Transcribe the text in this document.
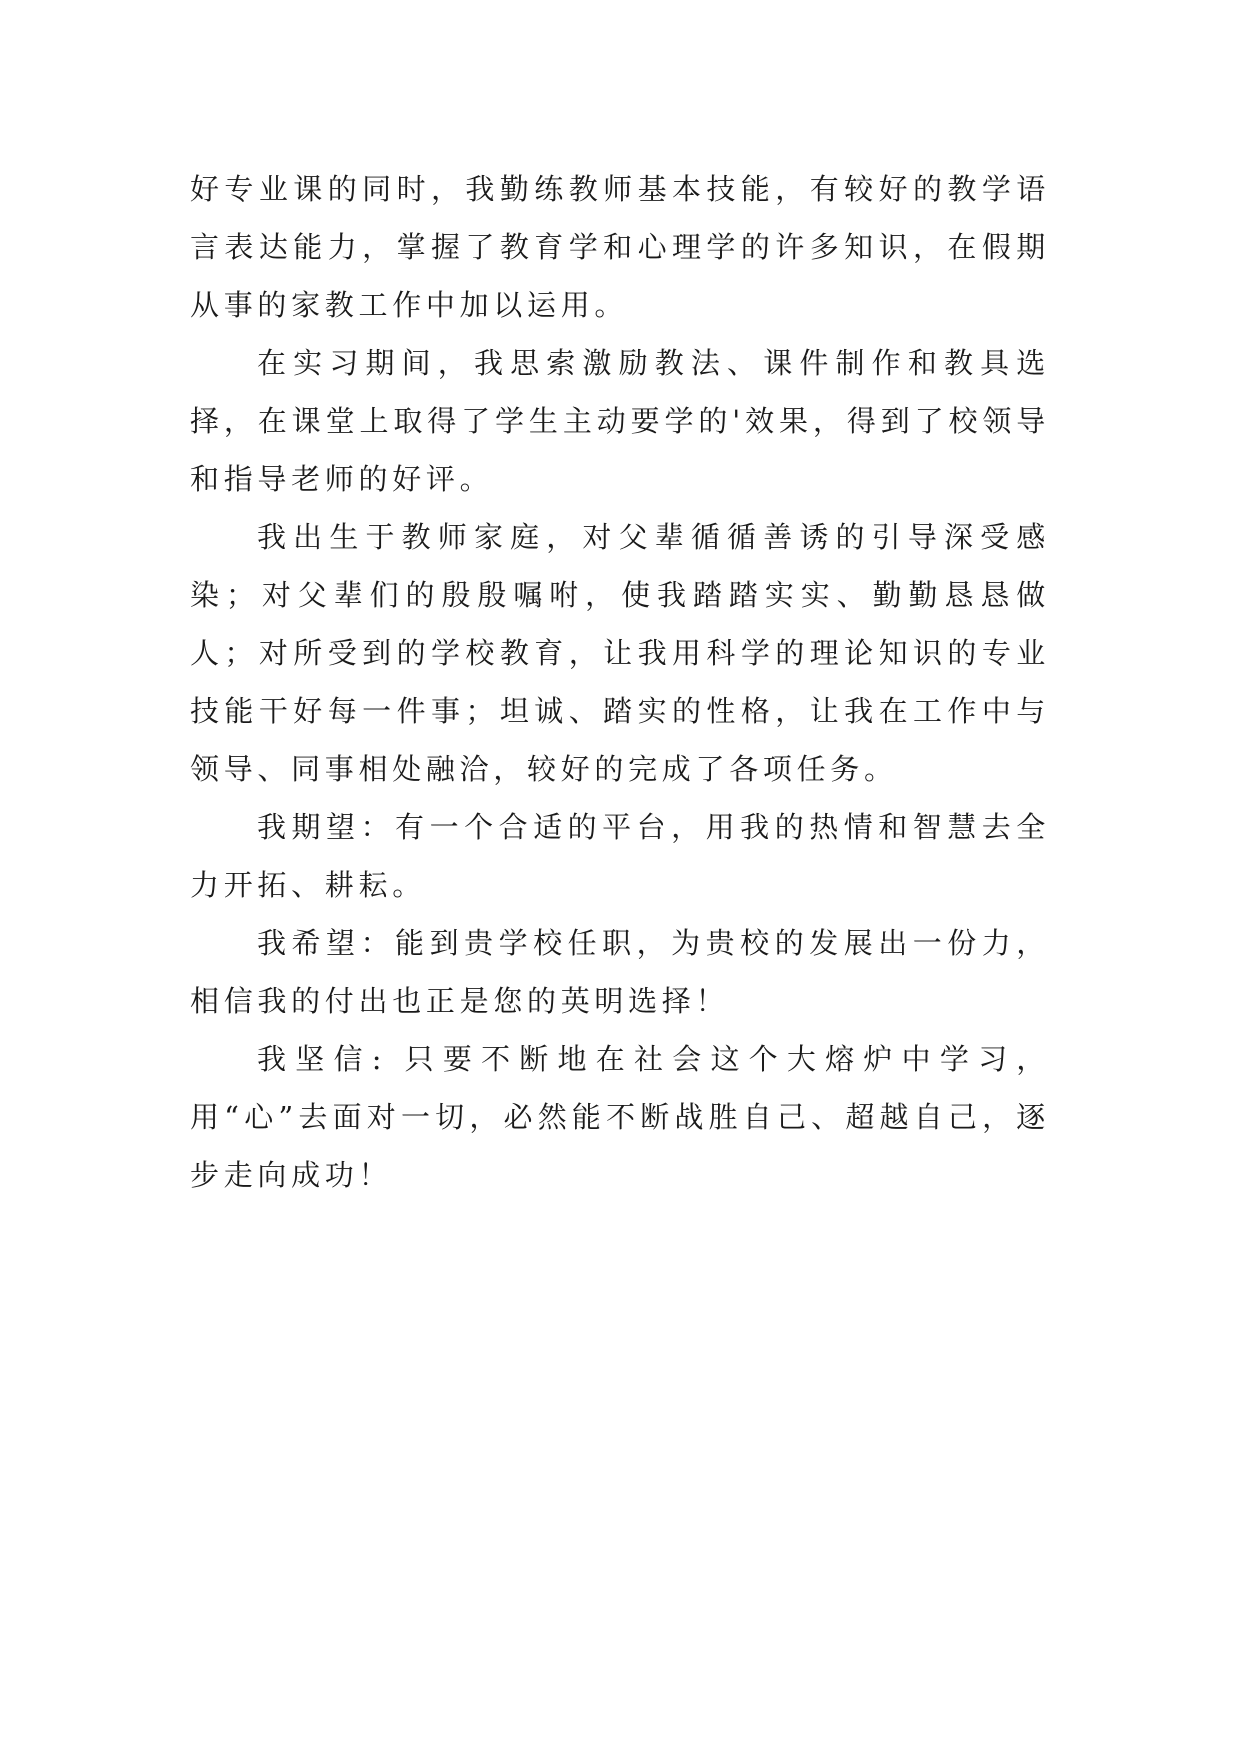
好专业课的同时，我勤练教师基本技能，有较好的教学语言表达能力，掌握了教育学和心理学的许多知识，在假期从事的家教工作中加以运用。

在实习期间，我思索激励教法、课件制作和教具选择，在课堂上取得了学生主动要学的'效果，得到了校领导和指导老师的好评。

我出生于教师家庭，对父辈循循善诱的引导深受感染；对父辈们的殷殷嘱咐，使我踏踏实实、勤勤恳恳做人；对所受到的学校教育，让我用科学的理论知识的专业技能干好每一件事；坦诚、踏实的性格，让我在工作中与领导、同事相处融洽，较好的完成了各项任务。

我期望：有一个合适的平台，用我的热情和智慧去全力开拓、耕耘。

我希望：能到贵学校任职，为贵校的发展出一份力，相信我的付出也正是您的英明选择！

我坚信: 只要不断地在社会这个大熔炉中学习，用“心”去面对一切，必然能不断战胜自己、超越自己，逐步走向成功！
